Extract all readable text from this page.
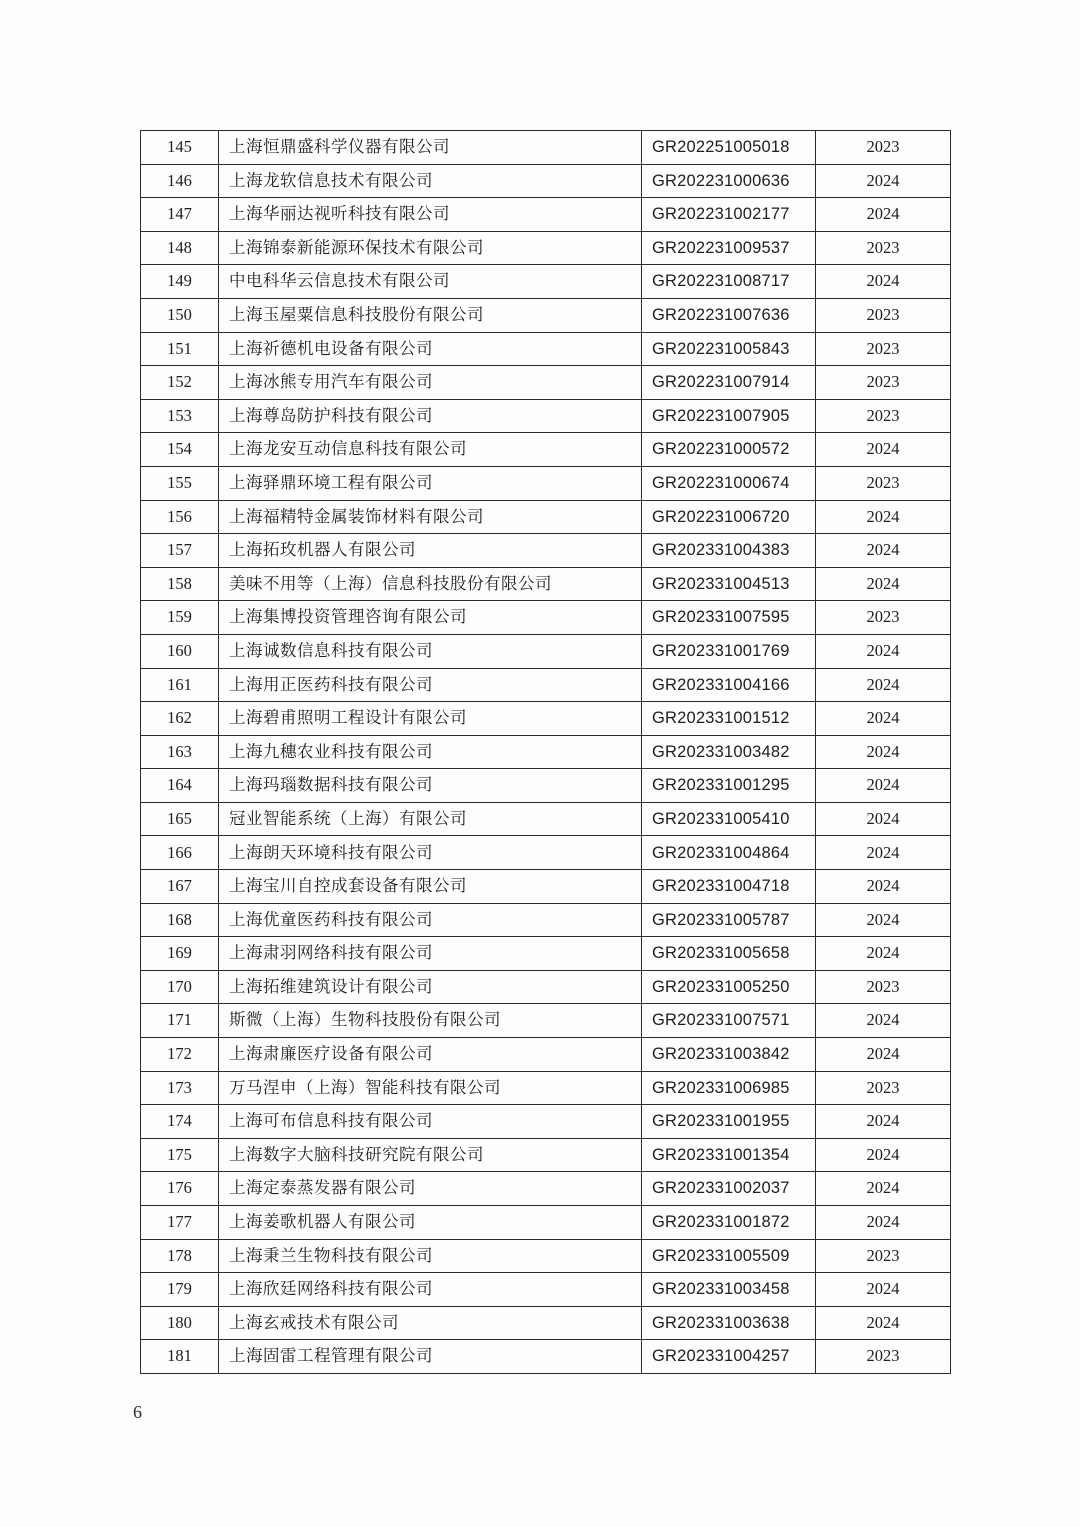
145	上海恒鼎盛科学仪器有限公司	GR202251005018	2023
146	上海龙软信息技术有限公司	GR202231000636	2024
147	上海华丽达视听科技有限公司	GR202231002177	2024
148	上海锦泰新能源环保技术有限公司	GR202231009537	2023
149	中电科华云信息技术有限公司	GR202231008717	2024
150	上海玉屋粟信息科技股份有限公司	GR202231007636	2023
151	上海祈德机电设备有限公司	GR202231005843	2023
152	上海冰熊专用汽车有限公司	GR202231007914	2023
153	上海尊岛防护科技有限公司	GR202231007905	2023
154	上海龙安互动信息科技有限公司	GR202231000572	2024
155	上海驿鼎环境工程有限公司	GR202231000674	2023
156	上海福精特金属装饰材料有限公司	GR202231006720	2024
157	上海拓玫机器人有限公司	GR202331004383	2024
158	美味不用等（上海）信息科技股份有限公司	GR202331004513	2024
159	上海集博投资管理咨询有限公司	GR202331007595	2023
160	上海诚数信息科技有限公司	GR202331001769	2024
161	上海用正医药科技有限公司	GR202331004166	2024
162	上海碧甫照明工程设计有限公司	GR202331001512	2024
163	上海九穗农业科技有限公司	GR202331003482	2024
164	上海玛瑙数据科技有限公司	GR202331001295	2024
165	冠业智能系统（上海）有限公司	GR202331005410	2024
166	上海朗天环境科技有限公司	GR202331004864	2024
167	上海宝川自控成套设备有限公司	GR202331004718	2024
168	上海优童医药科技有限公司	GR202331005787	2024
169	上海肃羽网络科技有限公司	GR202331005658	2024
170	上海拓维建筑设计有限公司	GR202331005250	2023
171	斯微（上海）生物科技股份有限公司	GR202331007571	2024
172	上海肃廉医疗设备有限公司	GR202331003842	2024
173	万马涅申（上海）智能科技有限公司	GR202331006985	2023
174	上海可布信息科技有限公司	GR202331001955	2024
175	上海数字大脑科技研究院有限公司	GR202331001354	2024
176	上海定泰蒸发器有限公司	GR202331002037	2024
177	上海姜歌机器人有限公司	GR202331001872	2024
178	上海秉兰生物科技有限公司	GR202331005509	2023
179	上海欣廷网络科技有限公司	GR202331003458	2024
180	上海玄戒技术有限公司	GR202331003638	2024
181	上海固雷工程管理有限公司	GR202331004257	2023
6
